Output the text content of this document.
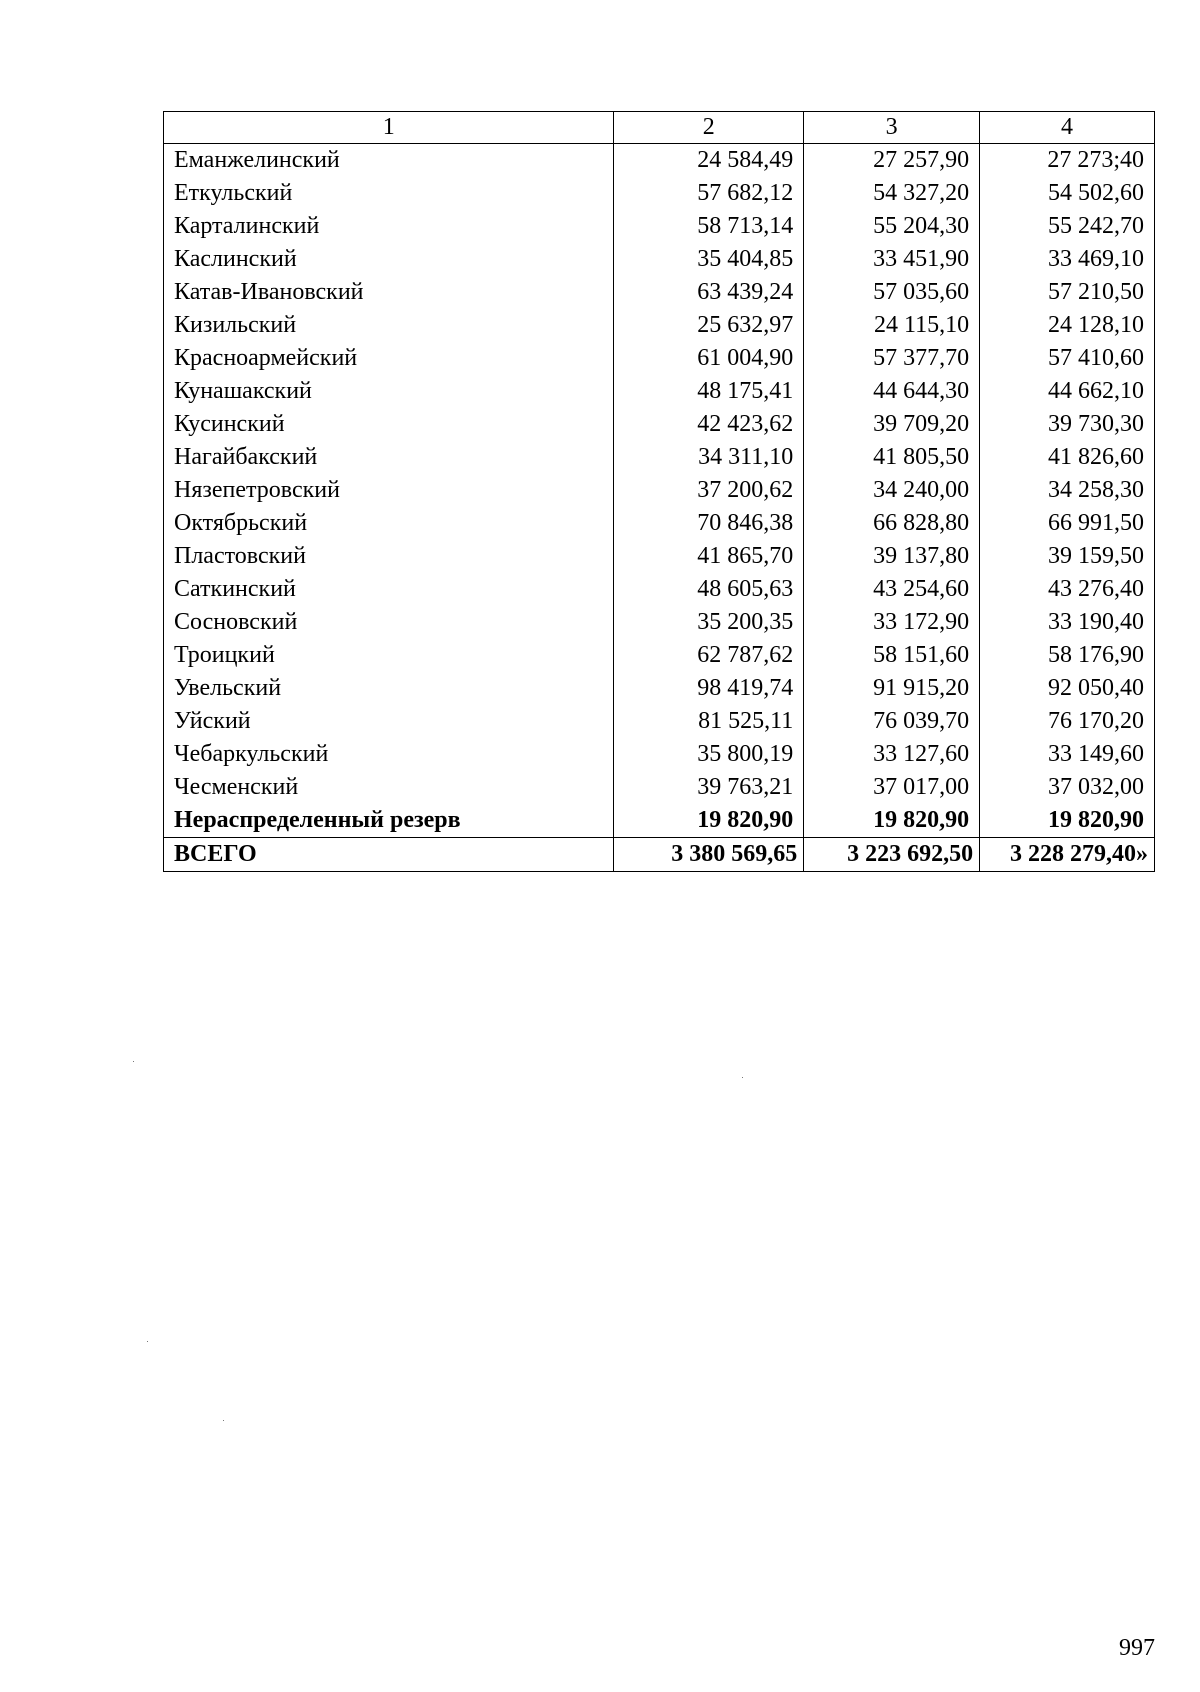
1	2	3	4
Еманжелинский	24 584,49	27 257,90	27 273;40
Еткульский	57 682,12	54 327,20	54 502,60
Карталинский	58 713,14	55 204,30	55 242,70
Каслинский	35 404,85	33 451,90	33 469,10
Катав-Ивановский	63 439,24	57 035,60	57 210,50
Кизильский	25 632,97	24 115,10	24 128,10
Красноармейский	61 004,90	57 377,70	57 410,60
Кунашакский	48 175,41	44 644,30	44 662,10
Кусинский	42 423,62	39 709,20	39 730,30
Нагайбакский	34 311,10	41 805,50	41 826,60
Нязепетровский	37 200,62	34 240,00	34 258,30
Октябрьский	70 846,38	66 828,80	66 991,50
Пластовский	41 865,70	39 137,80	39 159,50
Саткинский	48 605,63	43 254,60	43 276,40
Сосновский	35 200,35	33 172,90	33 190,40
Троицкий	62 787,62	58 151,60	58 176,90
Увельский	98 419,74	91 915,20	92 050,40
Уйский	81 525,11	76 039,70	76 170,20
Чебаркульский	35 800,19	33 127,60	33 149,60
Чесменский	39 763,21	37 017,00	37 032,00
Нераспределенный резерв	19 820,90	19 820,90	19 820,90
ВСЕГО	3 380 569,65	3 223 692,50	3 228 279,40»
997
